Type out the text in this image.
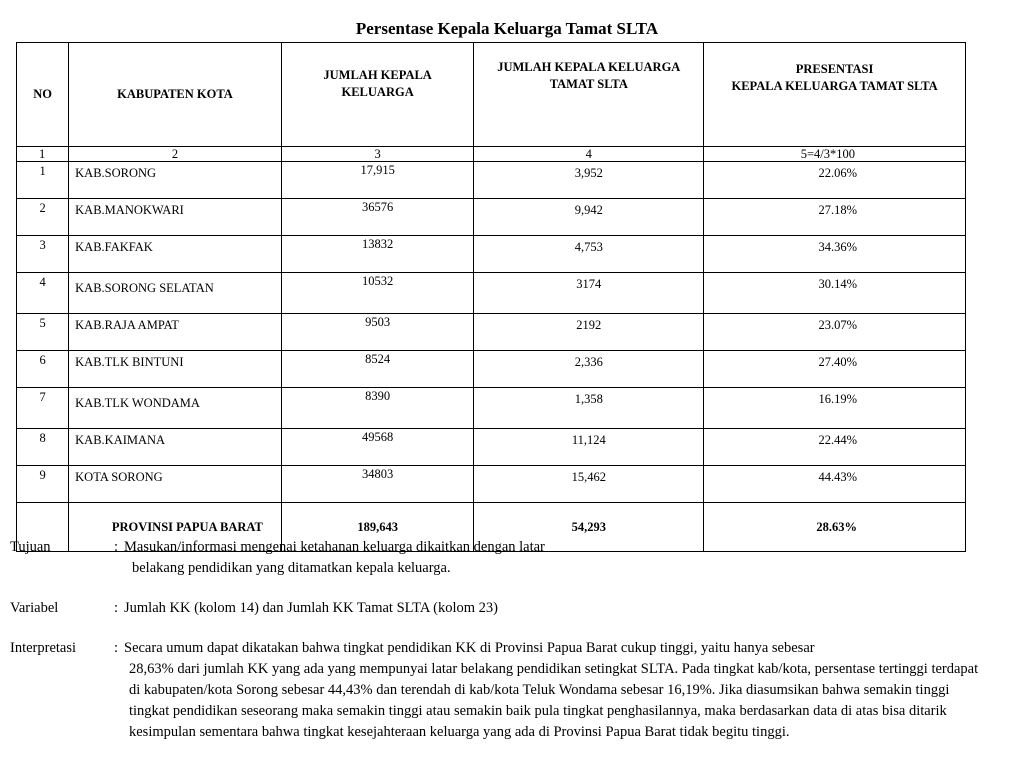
Persentase Kepala Keluarga Tamat SLTA
NO	KABUPATEN KOTA	JUMLAH KEPALA KELUARGA	JUMLAH KEPALA KELUARGA TAMAT SLTA	PRESENTASI
KEPALA KELUARGA TAMAT SLTA

1	2	3	4	5=4/3*100
1	KAB.SORONG	17,915	3,952	22.06%
2	KAB.MANOKWARI	36576	9,942	27.18%
3	KAB.FAKFAK	13832	4,753	34.36%
4	KAB.SORONG SELATAN	10532	3174	30.14%
5	KAB.RAJA AMPAT	9503	2192	23.07%
6	KAB.TLK BINTUNI	8524	2,336	27.40%
7	KAB.TLK WONDAMA	8390	1,358	16.19%
8	KAB.KAIMANA	49568	11,124	22.44%
9	KOTA SORONG	34803	15,462	44.43%
	PROVINSI PAPUA BARAT	189,643	54,293	28.63%
Tujuan	: Masukan/informasi mengenai ketahanan keluarga dikaitkan dengan latar
belakang pendidikan yang ditamatkan kepala keluarga.
Variabel	: Jumlah KK (kolom 14) dan Jumlah KK Tamat SLTA (kolom 23)
Interpretasi	: Secara umum dapat dikatakan bahwa tingkat pendidikan KK di Provinsi Papua Barat cukup tinggi, yaitu hanya sebesar
28,63% dari jumlah KK yang ada yang mempunyai latar belakang pendidikan setingkat SLTA. Pada tingkat kab/kota, persentase tertinggi terdapat di kabupaten/kota Sorong sebesar 44,43% dan terendah di kab/kota Teluk Wondama sebesar 16,19%. Jika diasumsikan bahwa semakin tinggi tingkat pendidikan seseorang maka semakin tinggi atau semakin baik pula tingkat penghasilannya, maka berdasarkan data di atas bisa ditarik kesimpulan sementara bahwa tingkat kesejahteraan keluarga yang ada di Provinsi Papua Barat tidak begitu tinggi.
